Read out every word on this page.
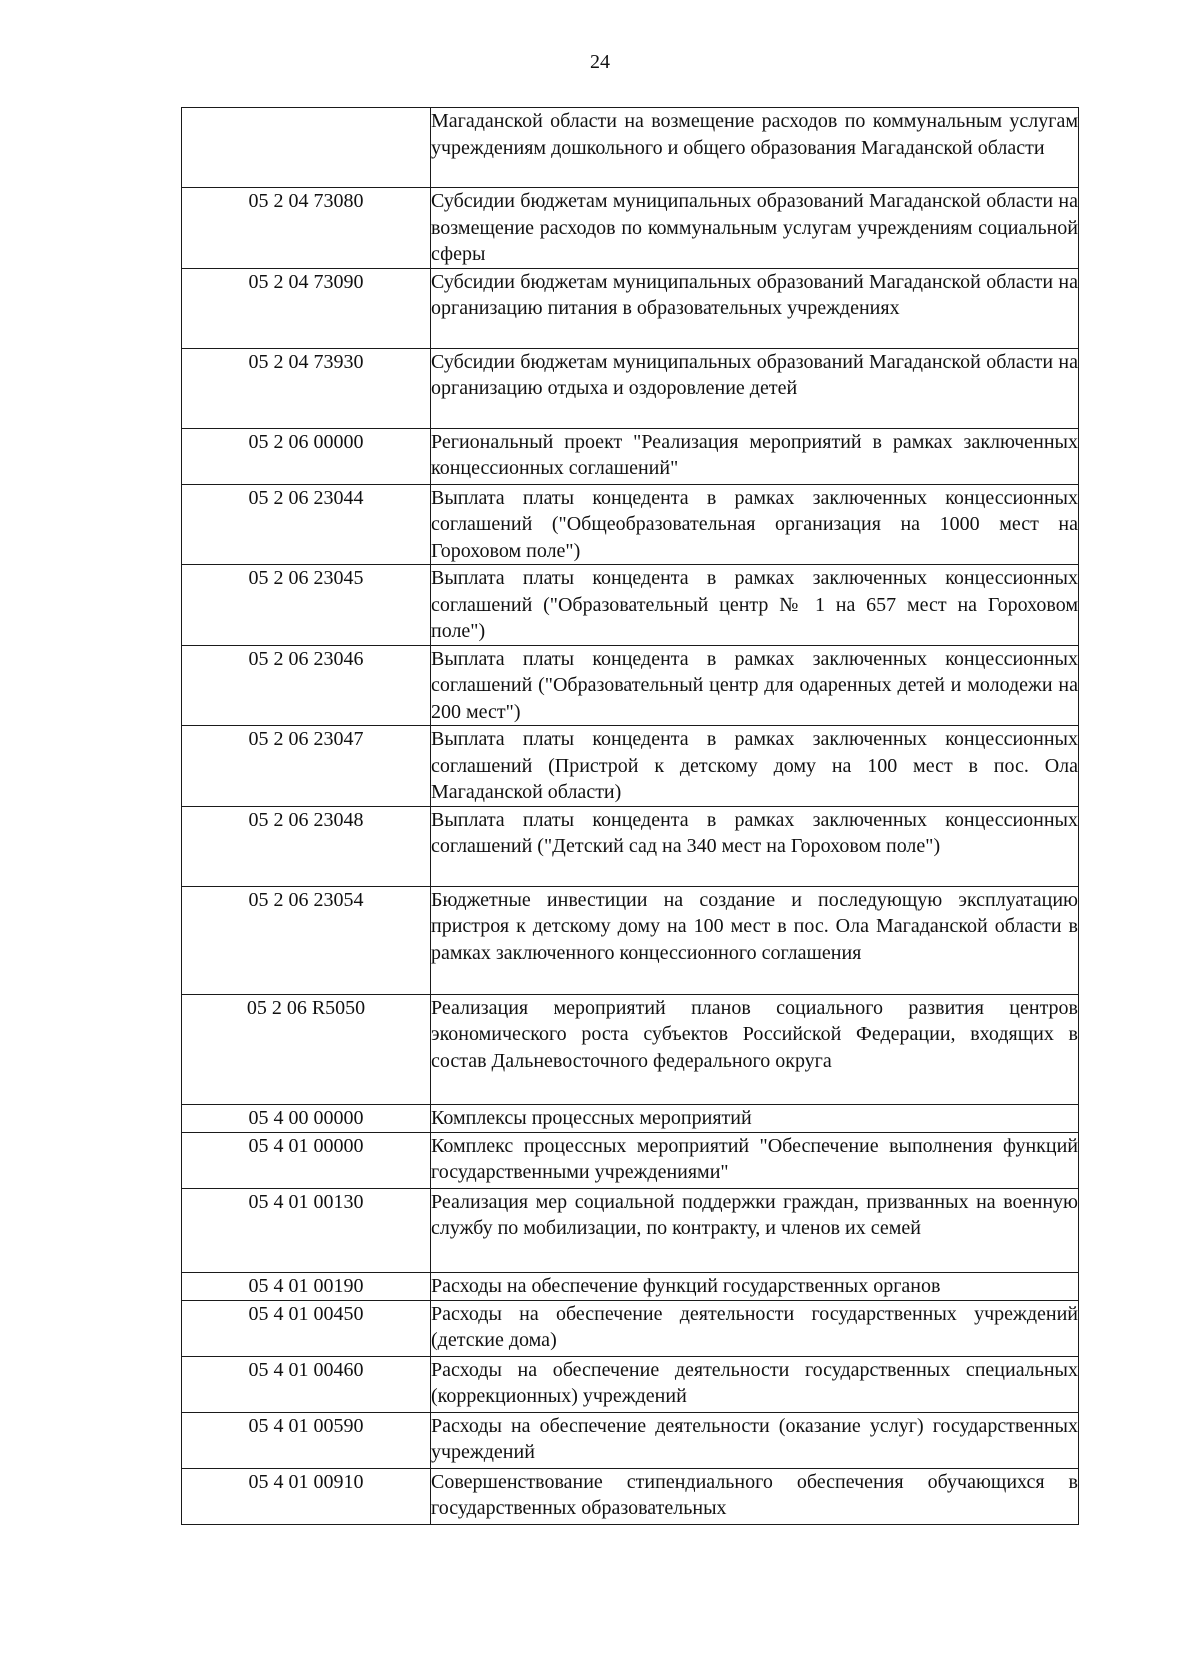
24
	Магаданской области на возмещение расходов по коммунальным услугам учреждениям дошкольного и общего образования Магаданской области
05 2 04 73080	Субсидии бюджетам муниципальных образований Магаданской области на возмещение расходов по коммунальным услугам учреждениям социальной сферы
05 2 04 73090	Субсидии бюджетам муниципальных образований Магаданской области на организацию питания в образовательных учреждениях
05 2 04 73930	Субсидии бюджетам муниципальных образований Магаданской области на организацию отдыха и оздоровление детей
05 2 06 00000	Региональный проект "Реализация мероприятий в рамках заключенных концессионных соглашений"
05 2 06 23044	Выплата платы концедента в рамках заключенных концессионных соглашений ("Общеобразовательная организация на 1000 мест на Гороховом поле")
05 2 06 23045	Выплата платы концедента в рамках заключенных концессионных соглашений ("Образовательный центр № 1 на 657 мест на Гороховом поле")
05 2 06 23046	Выплата платы концедента в рамках заключенных концессионных соглашений ("Образовательный центр для одаренных детей и молодежи на 200 мест")
05 2 06 23047	Выплата платы концедента в рамках заключенных концессионных соглашений (Пристрой к детскому дому на 100 мест в пос. Ола Магаданской области)
05 2 06 23048	Выплата платы концедента в рамках заключенных концессионных соглашений ("Детский сад на 340 мест на Гороховом поле")
05 2 06 23054	Бюджетные инвестиции на создание и последующую эксплуатацию пристроя к детскому дому на 100 мест в пос. Ола Магаданской области в рамках заключенного концессионного соглашения
05 2 06 R5050	Реализация мероприятий планов социального развития центров экономического роста субъектов Российской Федерации, входящих в состав Дальневосточного федерального округа
05 4 00 00000	Комплексы процессных мероприятий
05 4 01 00000	Комплекс процессных мероприятий "Обеспечение выполнения функций государственными учреждениями"
05 4 01 00130	Реализация мер социальной поддержки граждан, призванных на военную службу по мобилизации, по контракту, и членов их семей
05 4 01 00190	Расходы на обеспечение функций государственных органов
05 4 01 00450	Расходы на обеспечение деятельности государственных учреждений (детские дома)
05 4 01 00460	Расходы на обеспечение деятельности государственных специальных (коррекционных) учреждений
05 4 01 00590	Расходы на обеспечение деятельности (оказание услуг) государственных учреждений
05 4 01 00910	Совершенствование стипендиального обеспечения обучающихся в государственных образовательных
